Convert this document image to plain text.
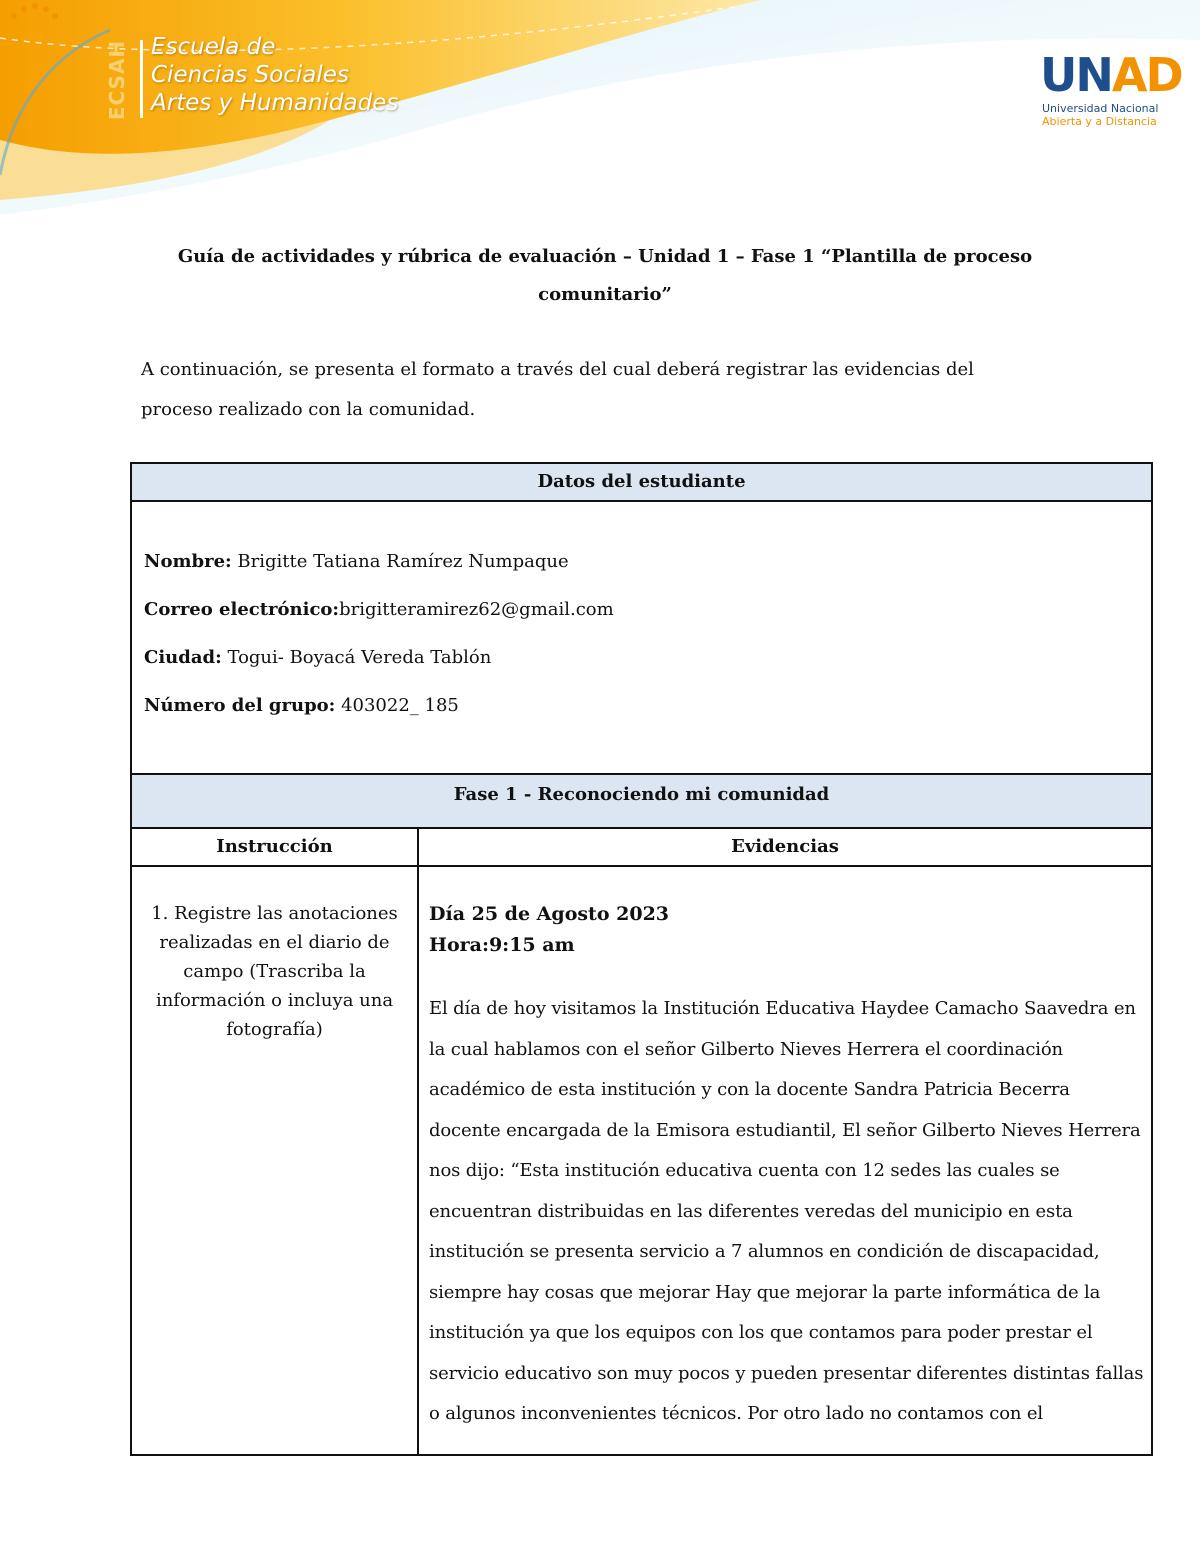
ECSAH Escuela de
Ciencias Sociales
Artes y Humanidades
UNAD
Universidad Nacional
Abierta y a Distancia
Guía de actividades y rúbrica de evaluación – Unidad 1 – Fase 1 “Plantilla de proceso comunitario”
A continuación, se presenta el formato a través del cual deberá registrar las evidencias del proceso realizado con la comunidad.
Datos del estudiante	

Nombre: Brigitte Tatiana Ramírez Numpaque
Correo electrónico:brigitteramirez62@gmail.com
Ciudad: Togui- Boyacá Vereda Tablón
Número del grupo: 403022_ 185	

Fase 1 - Reconociendo mi comunidad	
Instrucción	Evidencias

1. Registre las anotaciones realizadas en el diario de campo (Trascriba la información o incluya una fotografía)	Día 25 de Agosto 2023
Hora:9:15 am
El día de hoy visitamos la Institución Educativa Haydee Camacho Saavedra en la cual hablamos con el señor Gilberto Nieves Herrera el coordinación académico de esta institución y con la docente Sandra Patricia Becerra docente encargada de la Emisora estudiantil, El señor Gilberto Nieves Herrera nos dijo: “Esta institución educativa cuenta con 12 sedes las cuales se encuentran distribuidas en las diferentes veredas del municipio en esta institución se presenta servicio a 7 alumnos en condición de discapacidad, siempre hay cosas que mejorar Hay que mejorar la parte informática de la institución ya que los equipos con los que contamos para poder prestar el servicio educativo son muy pocos y pueden presentar diferentes distintas fallas o algunos inconvenientes técnicos. Por otro lado no contamos con el
